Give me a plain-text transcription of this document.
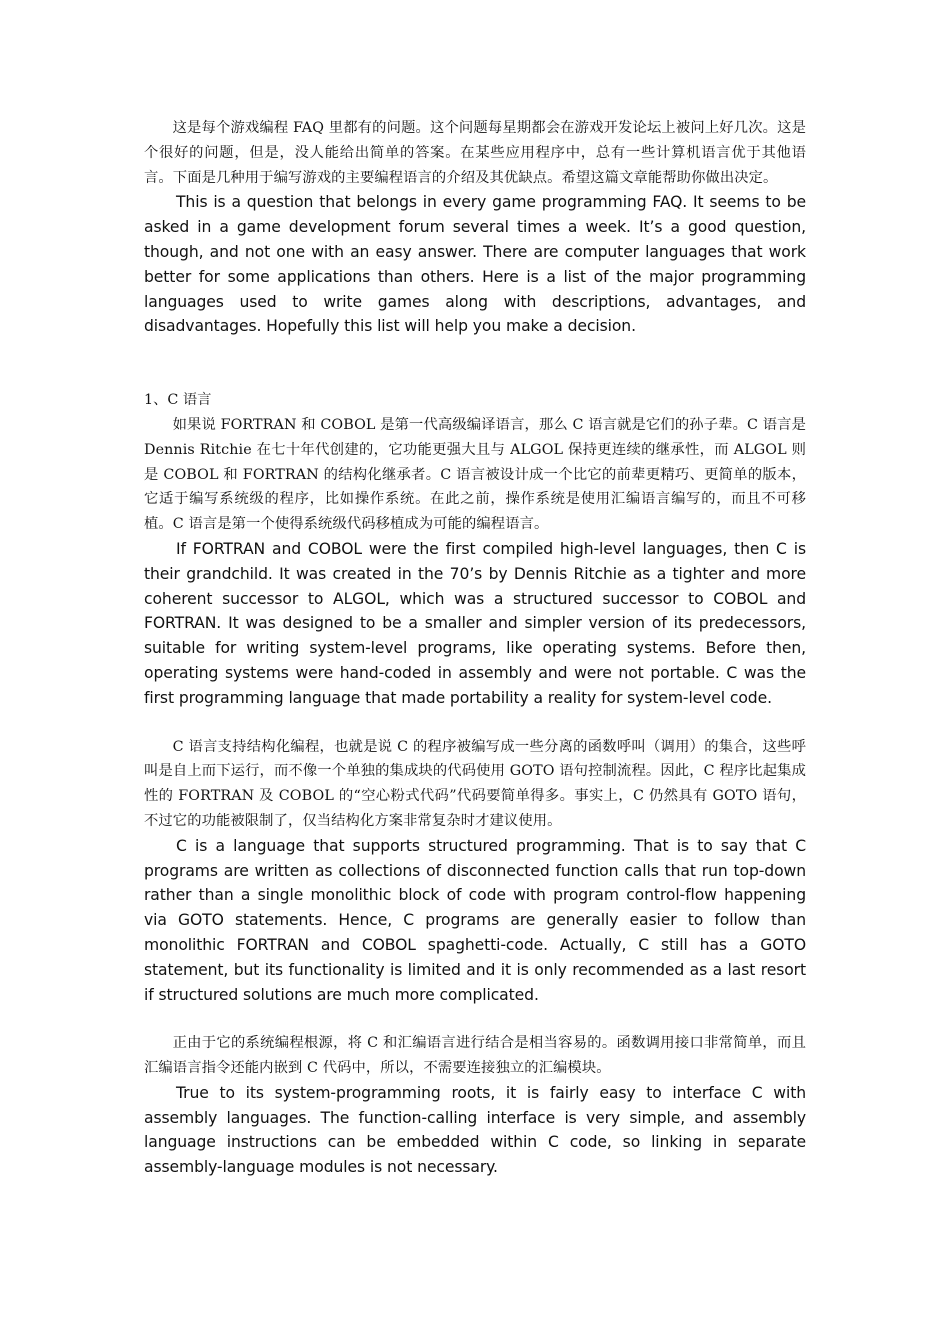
这是每个游戏编程 FAQ 里都有的问题。这个问题每星期都会在游戏开发论坛上被问上好几次。这是个很好的问题，但是，没人能给出简单的答案。在某些应用程序中，总有一些计算机语言优于其他语言。下面是几种用于编写游戏的主要编程语言的介绍及其优缺点。希望这篇文章能帮助你做出决定。

This is a question that belongs in every game programming FAQ. It seems to be asked in a game development forum several times a week. It’s a good question, though, and not one with an easy answer. There are computer languages that work better for some applications than others. Here is a list of the major programming languages used to write games along with descriptions, advantages, and disadvantages. Hopefully this list will help you make a decision.

1、C 语言

如果说 FORTRAN 和 COBOL 是第一代高级编译语言，那么 C 语言就是它们的孙子辈。C 语言是 Dennis Ritchie 在七十年代创建的，它功能更强大且与 ALGOL 保持更连续的继承性，而 ALGOL 则是 COBOL 和 FORTRAN 的结构化继承者。C 语言被设计成一个比它的前辈更精巧、更简单的版本，它适于编写系统级的程序，比如操作系统。在此之前，操作系统是使用汇编语言编写的，而且不可移植。C 语言是第一个使得系统级代码移植成为可能的编程语言。

If FORTRAN and COBOL were the first compiled high-level languages, then C is their grandchild. It was created in the 70’s by Dennis Ritchie as a tighter and more coherent successor to ALGOL, which was a structured successor to COBOL and FORTRAN. It was designed to be a smaller and simpler version of its predecessors, suitable for writing system-level programs, like operating systems. Before then, operating systems were hand-coded in assembly and were not portable. C was the first programming language that made portability a reality for system-level code.

C 语言支持结构化编程，也就是说 C 的程序被编写成一些分离的函数呼叫（调用）的集合，这些呼叫是自上而下运行，而不像一个单独的集成块的代码使用 GOTO 语句控制流程。因此，C 程序比起集成性的 FORTRAN 及 COBOL 的“空心粉式代码”代码要简单得多。事实上，C 仍然具有 GOTO 语句，不过它的功能被限制了，仅当结构化方案非常复杂时才建议使用。

C is a language that supports structured programming. That is to say that C programs are written as collections of disconnected function calls that run top-down rather than a single monolithic block of code with program control-flow happening via GOTO statements. Hence, C programs are generally easier to follow than monolithic FORTRAN and COBOL spaghetti-code. Actually, C still has a GOTO statement, but its functionality is limited and it is only recommended as a last resort if structured solutions are much more complicated.

正由于它的系统编程根源，将 C 和汇编语言进行结合是相当容易的。函数调用接口非常简单，而且汇编语言指令还能内嵌到 C 代码中，所以，不需要连接独立的汇编模块。

True to its system-programming roots, it is fairly easy to interface C with assembly languages. The function-calling interface is very simple, and assembly language instructions can be embedded within C code, so linking in separate assembly-language modules is not necessary.
